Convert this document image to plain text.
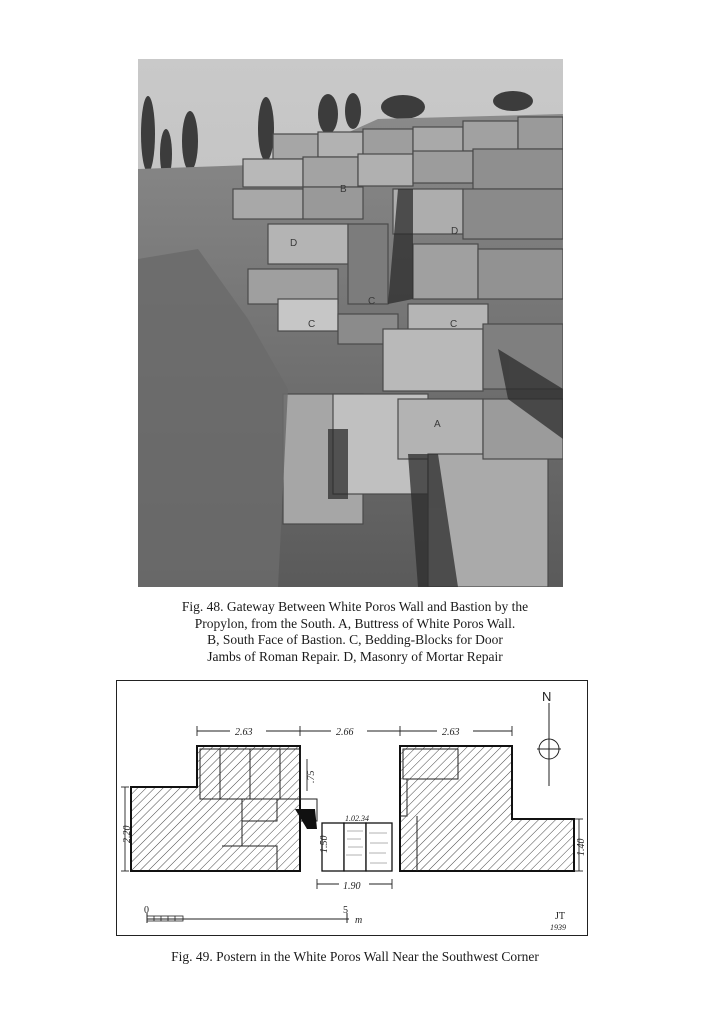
B
D
D
C
C	C
A
Fig. 48. Gateway Between White Poros Wall and Bastion by the
Propylon, from the South. A, Buttress of White Poros Wall.
B, South Face of Bastion. C, Bedding-Blocks for Door
Jambs of Roman Repair. D, Masonry of Mortar Repair
2.63	2.66	2.63
2.20
1.40
.75
1.50
1.02.34
1.90
N
0	5
m	JT
1939
Fig. 49. Postern in the White Poros Wall Near the Southwest Corner
